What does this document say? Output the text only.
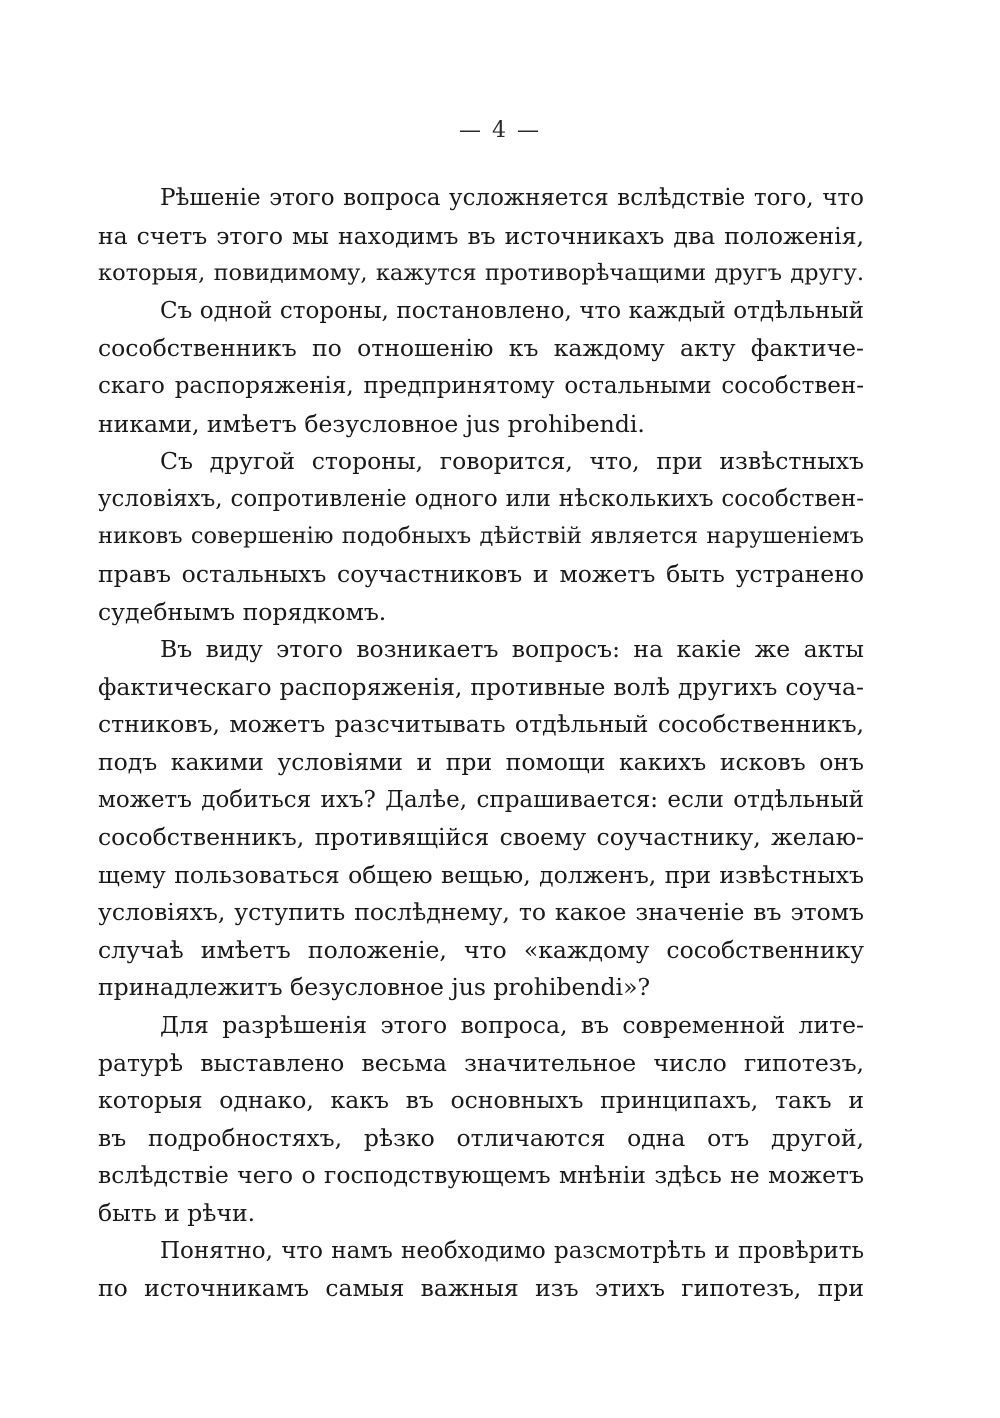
— 4 —
Рѣшеніе этого вопроса усложняется вслѣдствіе того, что
на счетъ этого мы находимъ въ источникахъ два положенія,
которыя, повидимому, кажутся противорѣчащими другъ другу.
Съ одной стороны, постановлено, что каждый отдѣльный
сособственникъ по отношенію къ каждому акту фактиче-
скаго распоряженія, предпринятому остальными сособствен-
никами, имѣетъ безусловное jus prohibendi.
Съ другой стороны, говорится, что, при извѣстныхъ
условіяхъ, сопротивленіе одного или нѣсколькихъ сособствен-
никовъ совершенію подобныхъ дѣйствій является нарушеніемъ
правъ остальныхъ соучастниковъ и можетъ быть устранено
судебнымъ порядкомъ.
Въ виду этого возникаетъ вопросъ: на какіе же акты
фактическаго распоряженія, противные волѣ другихъ соуча-
стниковъ, можетъ разсчитывать отдѣльный сособственникъ,
подъ какими условіями и при помощи какихъ исковъ онъ
можетъ добиться ихъ? Далѣе, спрашивается: если отдѣльный
сособственникъ, противящійся своему соучастнику, желаю-
щему пользоваться общею вещью, долженъ, при извѣстныхъ
условіяхъ, уступить послѣднему, то какое значеніе въ этомъ
случаѣ имѣетъ положеніе, что «каждому сособственнику
принадлежитъ безусловное jus prohibendi»?
Для разрѣшенія этого вопроса, въ современной лите-
ратурѣ выставлено весьма значительное число гипотезъ,
которыя однако, какъ въ основныхъ принципахъ, такъ и
въ подробностяхъ, рѣзко отличаются одна отъ другой,
вслѣдствіе чего о господствующемъ мнѣніи здѣсь не можетъ
быть и рѣчи.
Понятно, что намъ необходимо разсмотрѣть и провѣрить
по источникамъ самыя важныя изъ этихъ гипотезъ, при
